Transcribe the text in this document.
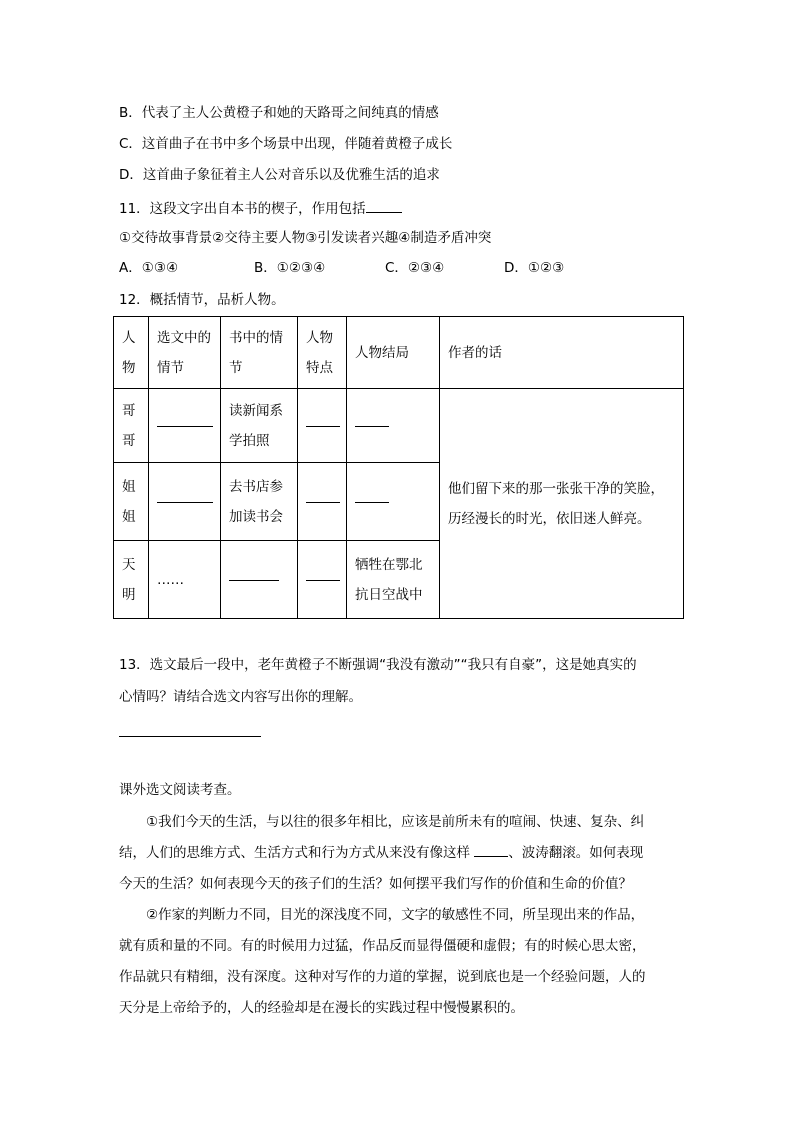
B．代表了主人公黄橙子和她的天路哥之间纯真的情感
C．这首曲子在书中多个场景中出现，伴随着黄橙子成长
D．这首曲子象征着主人公对音乐以及优雅生活的追求
11．这段文字出自本书的楔子，作用包括
①交待故事背景②交待主要人物③引发读者兴趣④制造矛盾冲突
A．①③④	B．①②③④	C．②③④	D．①②③
12．概括情节，品析人物。
人物	选文中的情节	书中的情节	人物特点	人物结局	作者的话
哥哥		读新闻系学拍照			他们留下来的那一张张干净的笑脸，历经漫长的时光，依旧迷人鲜亮。
姐姐		去书店参加读书会			
天明	……			牺牲在鄂北抗日空战中	
13．选文最后一段中，老年黄橙子不断强调“我没有激动”“我只有自豪”，这是她真实的
心情吗？请结合选文内容写出你的理解。
课外选文阅读考查。
①我们今天的生活，与以往的很多年相比，应该是前所未有的喧闹、快速、复杂、纠
结，人们的思维方式、生活方式和行为方式从来没有像这样	、波涛翻滚。如何表现
今天的生活？如何表现今天的孩子们的生活？如何摆平我们写作的价值和生命的价值？
②作家的判断力不同，目光的深浅度不同，文字的敏感性不同，所呈现出来的作品，
就有质和量的不同。有的时候用力过猛，作品反而显得僵硬和虚假；有的时候心思太密，
作品就只有精细，没有深度。这种对写作的力道的掌握，说到底也是一个经验问题，人的
天分是上帝给予的，人的经验却是在漫长的实践过程中慢慢累积的。
